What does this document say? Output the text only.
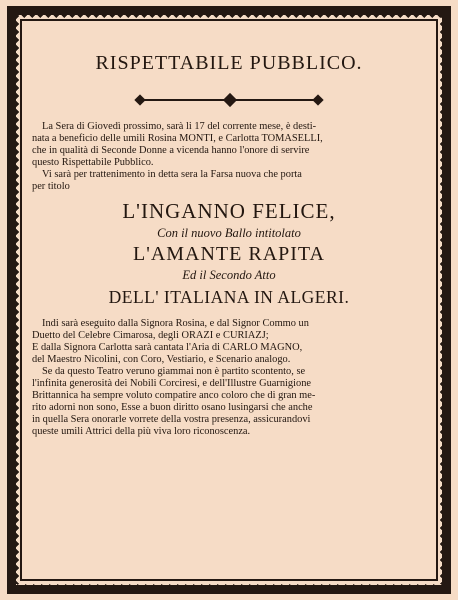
RISPETTABILE PUBBLICO.

La Sera di Giovedì prossimo, sarà li 17 del corrente mese, è desti-

nata a beneficio delle umili Rosina MONTI, e Carlotta TOMASELLI,

che in qualità di Seconde Donne a vicenda hanno l'onore di servire

questo Rispettabile Pubblico.

Vi sarà per trattenimento in detta sera la Farsa nuova che porta

per titolo

L'INGANNO FELICE,
Con il nuovo Ballo intitolato
L'AMANTE RAPITA
Ed il Secondo Atto
DELL' ITALIANA IN ALGERI.

Indi sarà eseguito dalla Signora Rosina, e dal Signor Commo un

Duetto del Celebre Cimarosa, degli ORAZI e CURIAZJ;

E dalla Signora Carlotta sarà cantata l'Aria di CARLO MAGNO,

del Maestro Nicolini, con Coro, Vestiario, e Scenario analogo.

Se da questo Teatro veruno giammai non è partito scontento, se

l'infinita generosità dei Nobili Corciresi, e dell'Illustre Guarnigione

Brittannica ha sempre voluto compatire anco coloro che di gran me-

rito adorni non sono, Esse a buon diritto osano lusingarsi che anche

in quella Sera onorarle vorrete della vostra presenza, assicurandovi

queste umili Attrici della più viva loro riconoscenza.
